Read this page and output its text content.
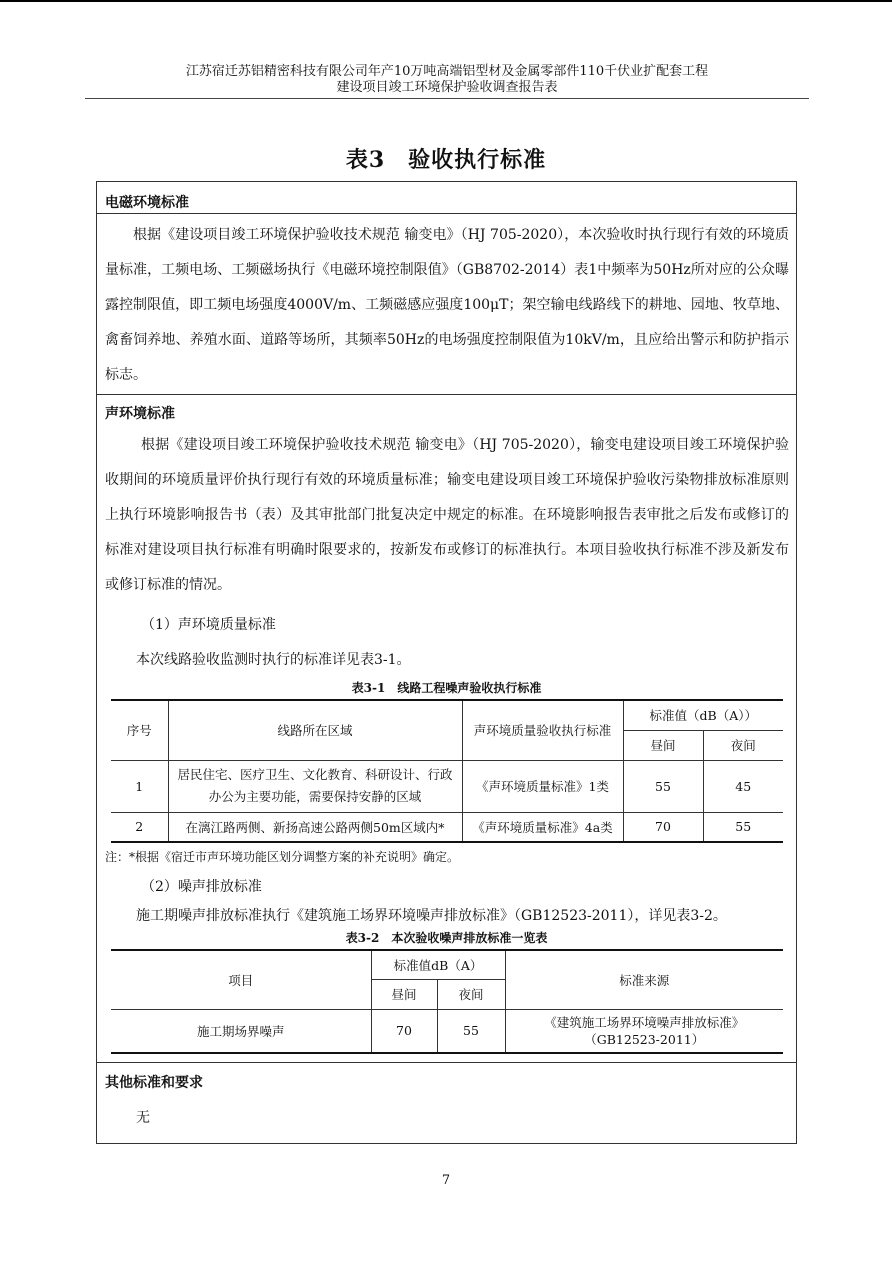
江苏宿迁苏铝精密科技有限公司年产10万吨高端铝型材及金属零部件110千伏业扩配套工程
建设项目竣工环境保护验收调查报告表
表3　验收执行标准
电磁环境标准

根据《建设项目竣工环境保护验收技术规范 输变电》（HJ 705-2020），本次验收时执行现行有效的环境质量标准，工频电场、工频磁场执行《电磁环境控制限值》（GB8702-2014）表1中频率为50Hz所对应的公众曝露控制限值，即工频电场强度4000V/m、工频磁感应强度100μT；架空输电线路线下的耕地、园地、牧草地、禽畜饲养地、养殖水面、道路等场所，其频率50Hz的电场强度控制限值为10kV/m，且应给出警示和防护指示标志。

声环境标准

根据《建设项目竣工环境保护验收技术规范 输变电》（HJ 705-2020），输变电建设项目竣工环境保护验收期间的环境质量评价执行现行有效的环境质量标准；输变电建设项目竣工环境保护验收污染物排放标准原则上执行环境影响报告书（表）及其审批部门批复决定中规定的标准。在环境影响报告表审批之后发布或修订的标准对建设项目执行标准有明确时限要求的，按新发布或修订的标准执行。本项目验收执行标准不涉及新发布或修订标准的情况。

（1）声环境质量标准
本次线路验收监测时执行的标准详见表3-1。
表3-1　线路工程噪声验收执行标准
序号	线路所在区域	声环境质量验收执行标准	标准值（dB（A））	
			昼间	夜间
1	居民住宅、医疗卫生、文化教育、科研设计、行政办公为主要功能，需要保持安静的区域	《声环境质量标准》1类	55	45
2	在漓江路两侧、新扬高速公路两侧50m区域内*	《声环境质量标准》4a类	70	55
注：*根据《宿迁市声环境功能区划分调整方案的补充说明》确定。
（2）噪声排放标准
施工期噪声排放标准执行《建筑施工场界环境噪声排放标准》（GB12523-2011），详见表3-2。
表3-2　本次验收噪声排放标准一览表
项目	标准值dB（A）		标准来源
	昼间	夜间	
施工期场界噪声	70	55	《建筑施工场界环境噪声排放标准》
（GB12523-2011）
其他标准和要求
无
7
